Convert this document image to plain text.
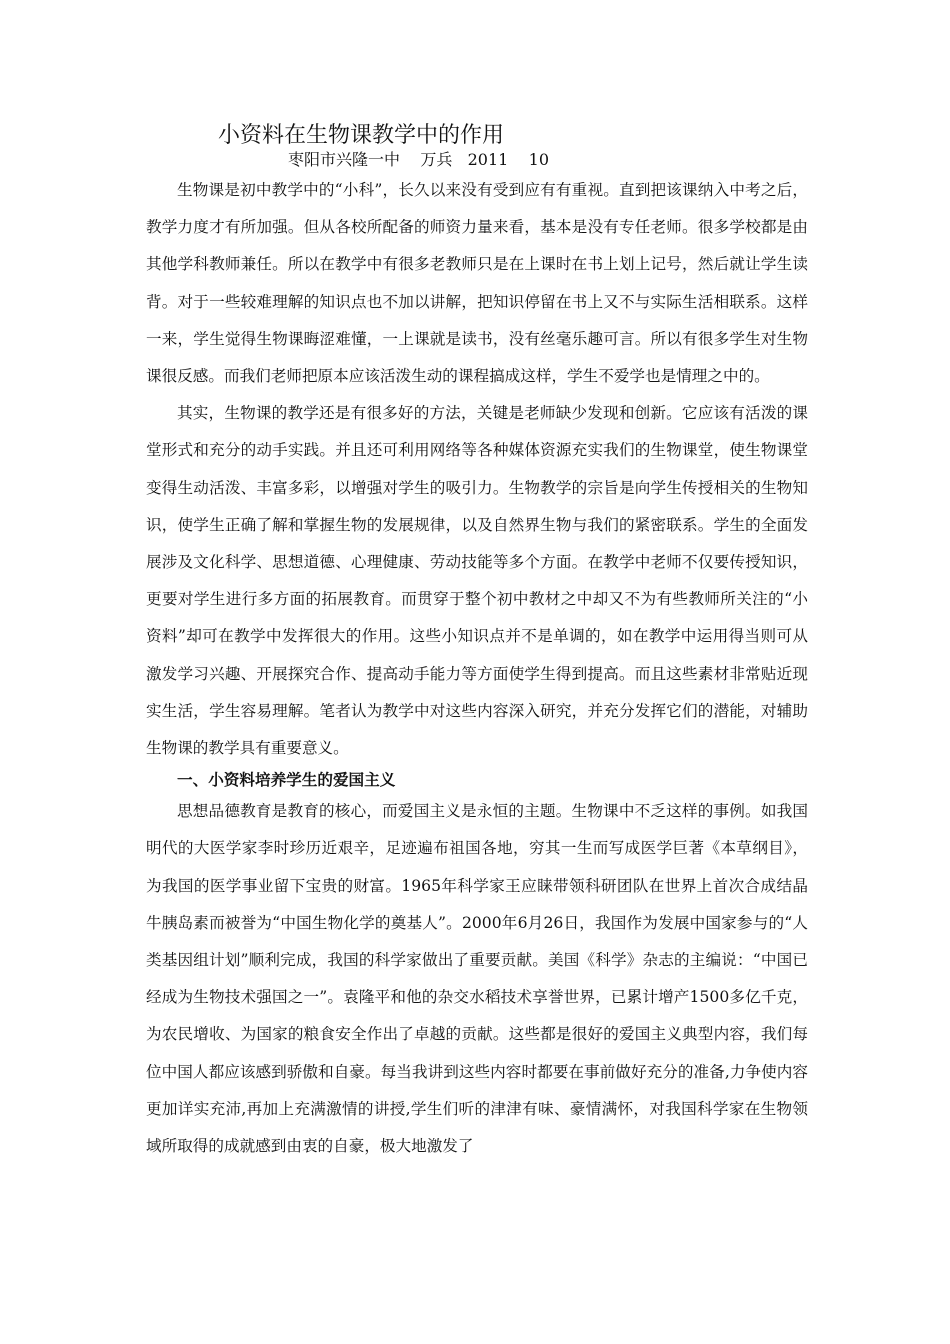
小资料在生物课教学中的作用
枣阳市兴隆一中    万兵   2011    10

生物课是初中教学中的“小科”，长久以来没有受到应有有重视。直到把该课纳入中考之后，教学力度才有所加强。但从各校所配备的师资力量来看，基本是没有专任老师。很多学校都是由其他学科教师兼任。所以在教学中有很多老教师只是在上课时在书上划上记号，然后就让学生读背。对于一些较难理解的知识点也不加以讲解，把知识停留在书上又不与实际生活相联系。这样一来，学生觉得生物课晦涩难懂，一上课就是读书，没有丝毫乐趣可言。所以有很多学生对生物课很反感。而我们老师把原本应该活泼生动的课程搞成这样，学生不爱学也是情理之中的。

其实，生物课的教学还是有很多好的方法，关键是老师缺少发现和创新。它应该有活泼的课堂形式和充分的动手实践。并且还可利用网络等各种媒体资源充实我们的生物课堂，使生物课堂变得生动活泼、丰富多彩，以增强对学生的吸引力。生物教学的宗旨是向学生传授相关的生物知识，使学生正确了解和掌握生物的发展规律，以及自然界生物与我们的紧密联系。学生的全面发展涉及文化科学、思想道德、心理健康、劳动技能等多个方面。在教学中老师不仅要传授知识，更要对学生进行多方面的拓展教育。而贯穿于整个初中教材之中却又不为有些教师所关注的“小资料”却可在教学中发挥很大的作用。这些小知识点并不是单调的，如在教学中运用得当则可从激发学习兴趣、开展探究合作、提高动手能力等方面使学生得到提高。而且这些素材非常贴近现实生活，学生容易理解。笔者认为教学中对这些内容深入研究，并充分发挥它们的潜能，对辅助生物课的教学具有重要意义。

一、小资料培养学生的爱国主义

思想品德教育是教育的核心，而爱国主义是永恒的主题。生物课中不乏这样的事例。如我国明代的大医学家李时珍历近艰辛，足迹遍布祖国各地，穷其一生而写成医学巨著《本草纲目》，为我国的医学事业留下宝贵的财富。1965年科学家王应睐带领科研团队在世界上首次合成结晶牛胰岛素而被誉为“中国生物化学的奠基人”。2000年6月26日，我国作为发展中国家参与的“人类基因组计划”顺利完成，我国的科学家做出了重要贡献。美国《科学》杂志的主编说：“中国已经成为生物技术强国之一”。袁隆平和他的杂交水稻技术享誉世界，已累计增产1500多亿千克，为农民增收、为国家的粮食安全作出了卓越的贡献。这些都是很好的爱国主义典型内容，我们每位中国人都应该感到骄傲和自豪。每当我讲到这些内容时都要在事前做好充分的准备,力争使内容更加详实充沛,再加上充满激情的讲授,学生们听的津津有味、豪情满怀，对我国科学家在生物领域所取得的成就感到由衷的自豪，极大地激发了
